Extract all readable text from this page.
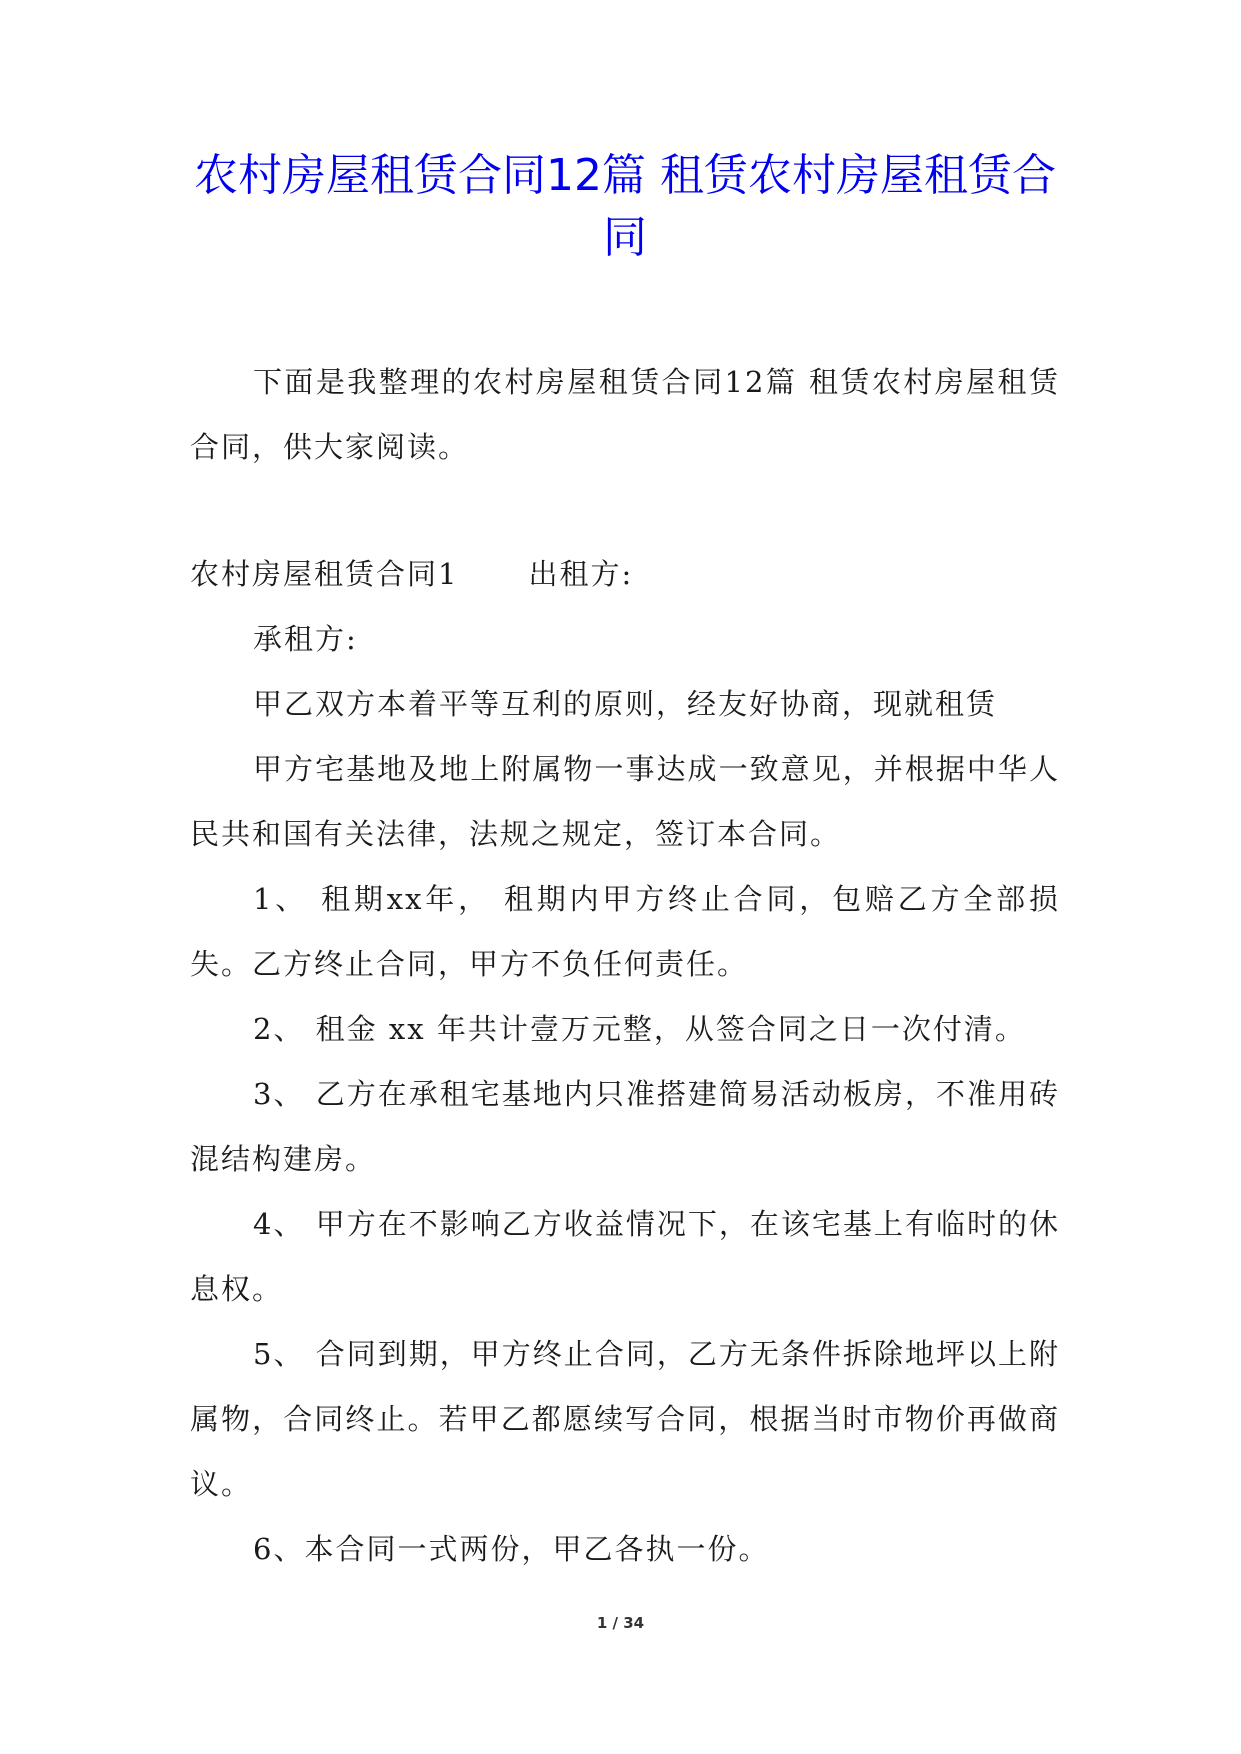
农村房屋租赁合同12篇 租赁农村房屋租赁合同

下面是我整理的农村房屋租赁合同12篇 租赁农村房屋租赁合同，供大家阅读。

农村房屋租赁合同1 出租方:

承租方:

甲乙双方本着平等互利的原则，经友好协商，现就租赁

甲方宅基地及地上附属物一事达成一致意见，并根据中华人民共和国有关法律，法规之规定，签订本合同。

1、 租期xx年， 租期内甲方终止合同，包赔乙方全部损失。乙方终止合同，甲方不负任何责任。

2、 租金 xx 年共计壹万元整，从签合同之日一次付清。

3、 乙方在承租宅基地内只准搭建简易活动板房，不准用砖混结构建房。

4、 甲方在不影响乙方收益情况下，在该宅基上有临时的休息权。

5、 合同到期，甲方终止合同，乙方无条件拆除地坪以上附属物，合同终止。若甲乙都愿续写合同，根据当时市物价再做商议。

6、本合同一式两份，甲乙各执一份。

1 / 34
